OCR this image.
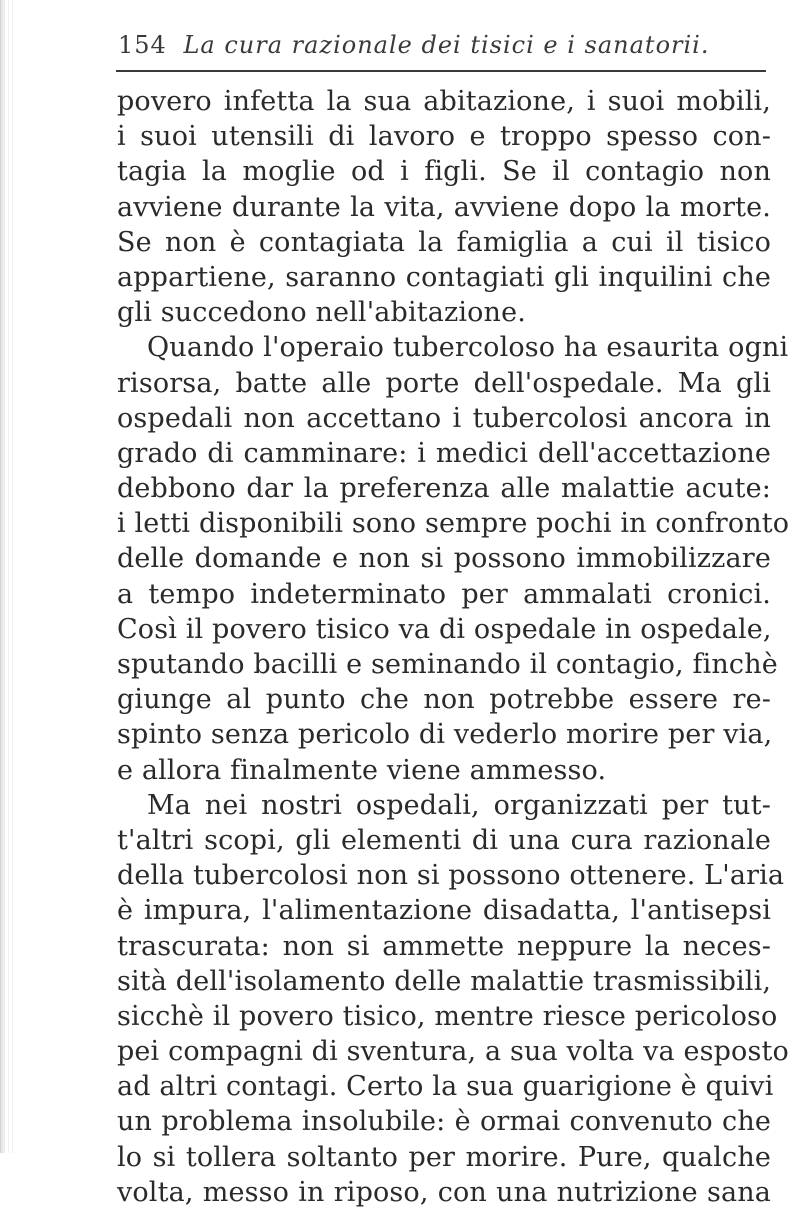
154 La cura razionale dei tisici e i sanatorii.
povero infetta la sua abitazione, i suoi mobili,
i suoi utensili di lavoro e troppo spesso con-
tagia la moglie od i figli. Se il contagio non
avviene durante la vita, avviene dopo la morte.
Se non è contagiata la famiglia a cui il tisico
appartiene, saranno contagiati gli inquilini che
gli succedono nell'abitazione.
Quando l'operaio tubercoloso ha esaurita ogni
risorsa, batte alle porte dell'ospedale. Ma gli
ospedali non accettano i tubercolosi ancora in
grado di camminare: i medici dell'accettazione
debbono dar la preferenza alle malattie acute:
i letti disponibili sono sempre pochi in confronto
delle domande e non si possono immobilizzare
a tempo indeterminato per ammalati cronici.
Così il povero tisico va di ospedale in ospedale,
sputando bacilli e seminando il contagio, finchè
giunge al punto che non potrebbe essere re-
spinto senza pericolo di vederlo morire per via,
e allora finalmente viene ammesso.
Ma nei nostri ospedali, organizzati per tut-
t'altri scopi, gli elementi di una cura razionale
della tubercolosi non si possono ottenere. L'aria
è impura, l'alimentazione disadatta, l'antisepsi
trascurata: non si ammette neppure la neces-
sità dell'isolamento delle malattie trasmissibili,
sicchè il povero tisico, mentre riesce pericoloso
pei compagni di sventura, a sua volta va esposto
ad altri contagi. Certo la sua guarigione è quivi
un problema insolubile: è ormai convenuto che
lo si tollera soltanto per morire. Pure, qualche
volta, messo in riposo, con una nutrizione sana
